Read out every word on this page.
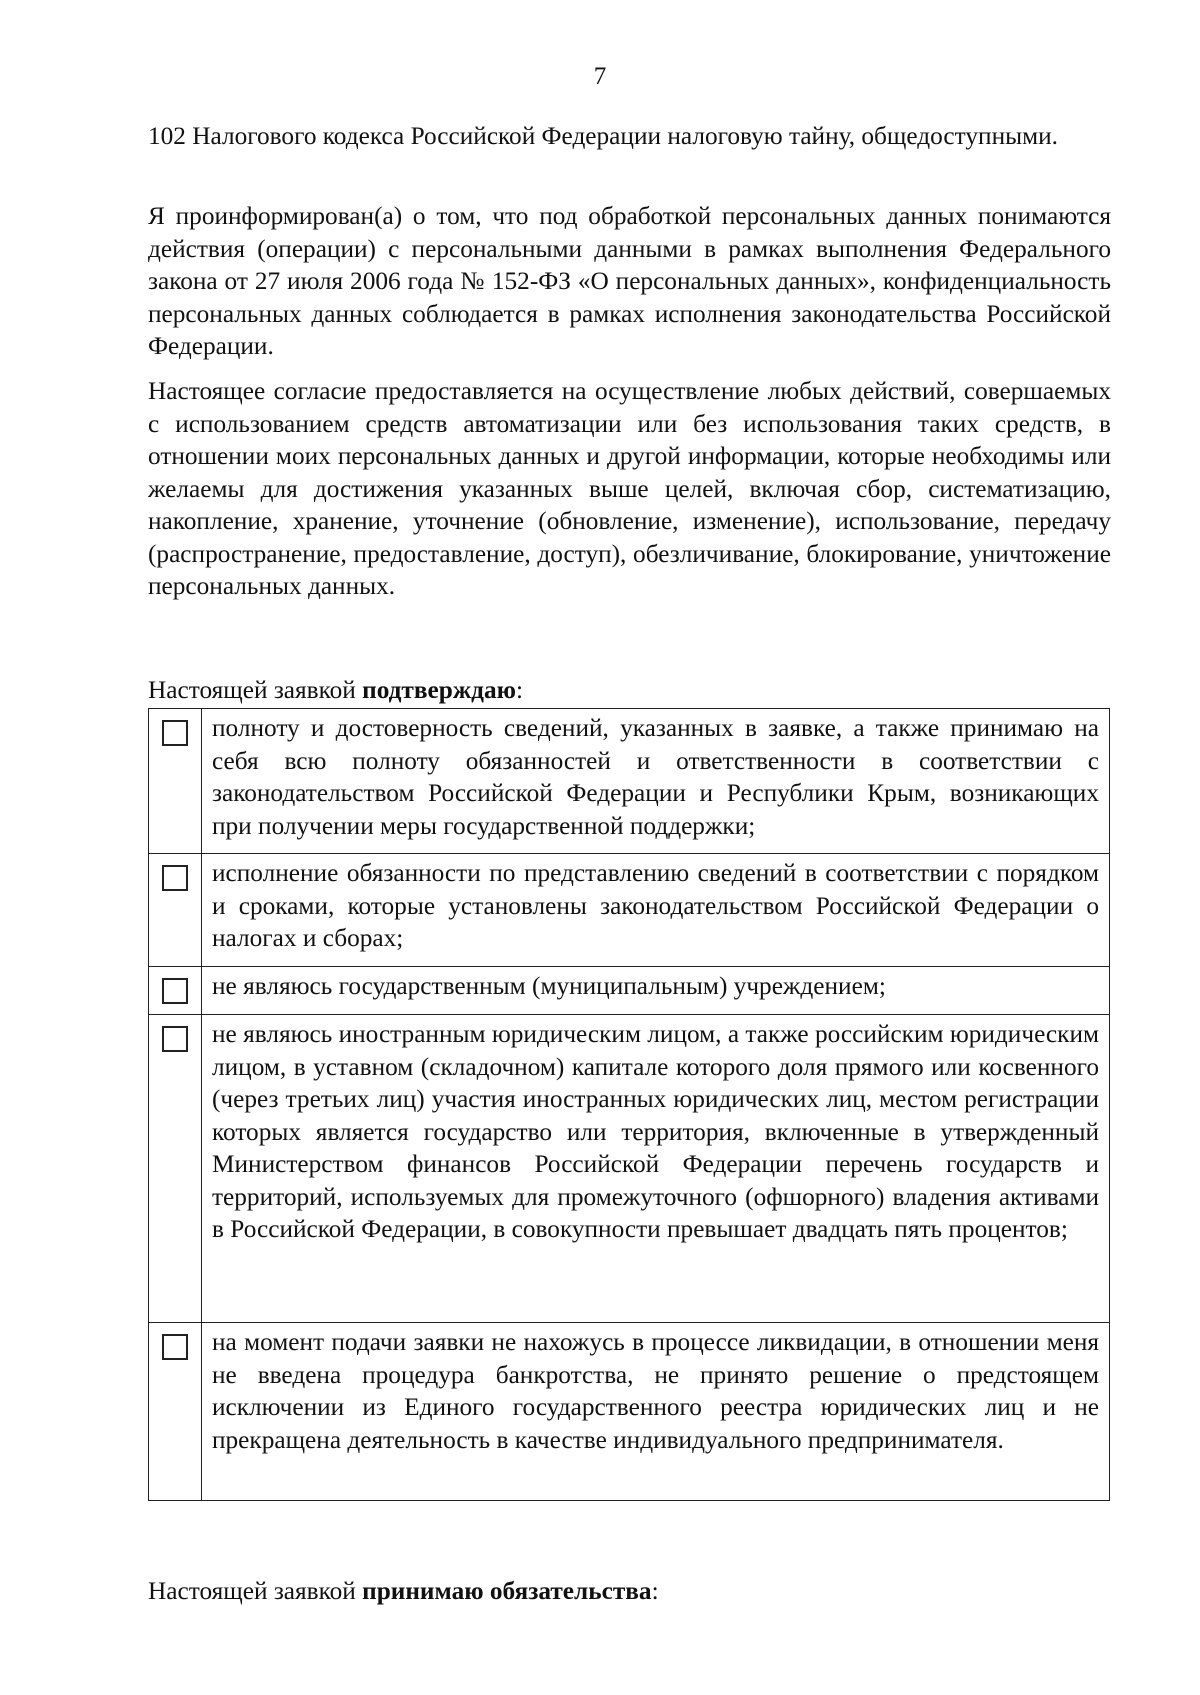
7

102 Налогового кодекса Российской Федерации налоговую тайну, общедоступными.

Я проинформирован(а) о том, что под обработкой персональных данных понимаются действия (операции) с персональными данными в рамках выполнения Федерального закона от 27 июля 2006 года № 152-ФЗ «О персональных данных», конфиденциальность персональных данных соблюдается в рамках исполнения законодательства Российской Федерации.

Настоящее согласие предоставляется на осуществление любых действий, совершаемых с использованием средств автоматизации или без использования таких средств, в отношении моих персональных данных и другой информации, которые необходимы или желаемы для достижения указанных выше целей, включая сбор, систематизацию, накопление, хранение, уточнение (обновление, изменение), использование, передачу (распространение, предоставление, доступ), обезличивание, блокирование, уничтожение персональных данных.

Настоящей заявкой подтверждаю:

	полноту и достоверность сведений, указанных в заявке, а также принимаю на себя всю полноту обязанностей и ответственности в соответствии с законодательством Российской Федерации и Республики Крым, возникающих при получении меры государственной поддержки;

	исполнение обязанности по представлению сведений в соответствии с порядком и сроками, которые установлены законодательством Российской Федерации о налогах и сборах;

	не являюсь государственным (муниципальным) учреждением;

	не являюсь иностранным юридическим лицом, а также российским юридическим лицом, в уставном (складочном) капитале которого доля прямого или косвенного (через третьих лиц) участия иностранных юридических лиц, местом регистрации которых является государство или территория, включенные в утвержденный Министерством финансов Российской Федерации перечень государств и территорий, используемых для промежуточного (офшорного) владения активами в Российской Федерации, в совокупности превышает двадцать пять процентов;

	на момент подачи заявки не нахожусь в процессе ликвидации, в отношении меня не введена процедура банкротства, не принято решение о предстоящем исключении из Единого государственного реестра юридических лиц и не прекращена деятельность в качестве индивидуального предпринимателя.

Настоящей заявкой принимаю обязательства:
